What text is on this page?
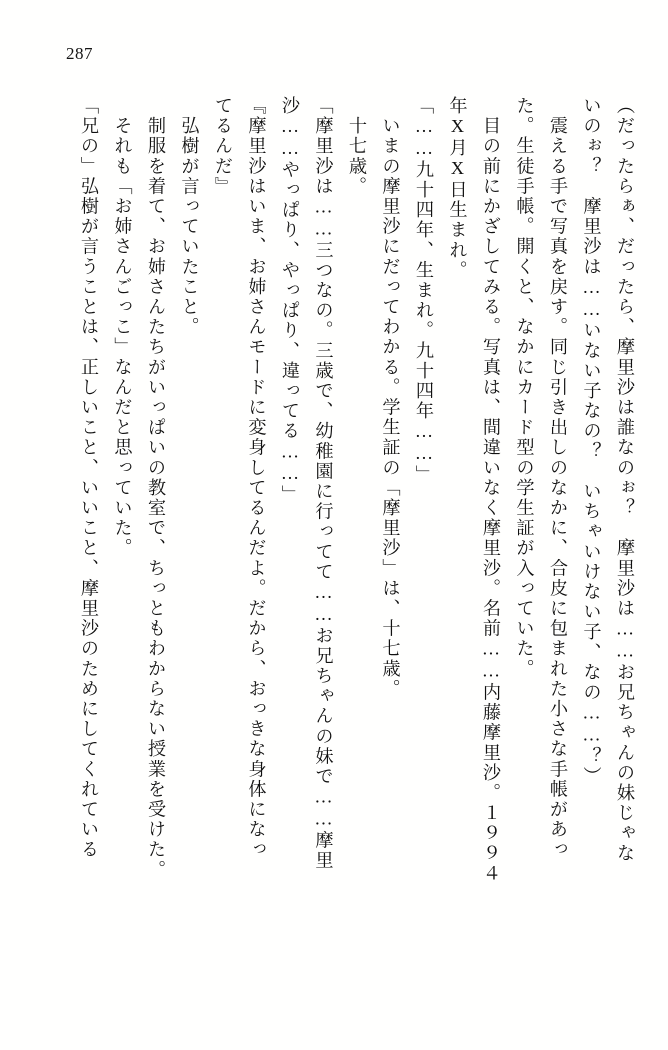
287
（だったらぁ、だったら、摩里沙は誰なのぉ？　摩里沙は……お兄ちゃんの妹じゃな
いのぉ？　摩里沙は……いない子なの？　いちゃいけない子、なの……？）
　震える手で写真を戻す。同じ引き出しのなかに、合皮に包まれた小さな手帳があっ
た。生徒手帳。開くと、なかにカード型の学生証が入っていた。
　目の前にかざしてみる。写真は、間違いなく摩里沙。名前……内藤摩里沙。１９９４
年X月X日生まれ。
「……九十四年、生まれ。九十四年……」
　いまの摩里沙にだってわかる。学生証の「摩里沙」は、十七歳。
　十七歳。
「摩里沙は……三つなの。三歳で、幼稚園に行ってて……お兄ちゃんの妹で……摩里
沙……やっぱり、やっぱり、違ってる……」
『摩里沙はいま、お姉さんモードに変身してるんだよ。だから、おっきな身体になっ
てるんだ』
　弘樹が言っていたこと。
　制服を着て、お姉さんたちがいっぱいの教室で、ちっともわからない授業を受けた。
　それも「お姉さんごっこ」なんだと思っていた。
「兄の」弘樹が言うことは、正しいこと、いいこと、摩里沙のためにしてくれている
